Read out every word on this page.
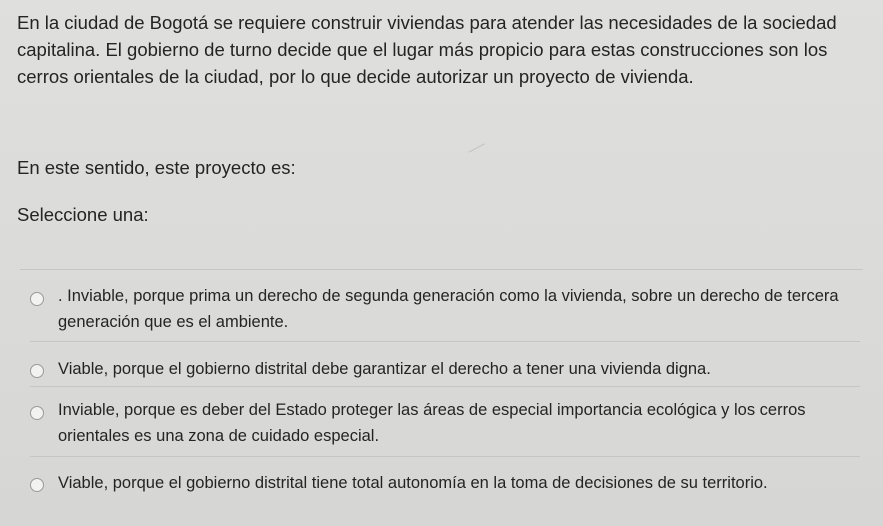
En la ciudad de Bogotá se requiere construir viviendas para atender las necesidades de la sociedad capitalina. El gobierno de turno decide que el lugar más propicio para estas construcciones son los cerros orientales de la ciudad, por lo que decide autorizar un proyecto de vivienda.

En este sentido, este proyecto es:

Seleccione una:

. Inviable, porque prima un derecho de segunda generación como la vivienda, sobre un derecho de tercera generación que es el ambiente.

Viable, porque el gobierno distrital debe garantizar el derecho a tener una vivienda digna.

Inviable, porque es deber del Estado proteger las áreas de especial importancia ecológica y los cerros orientales es una zona de cuidado especial.

Viable, porque el gobierno distrital tiene total autonomía en la toma de decisiones de su territorio.
